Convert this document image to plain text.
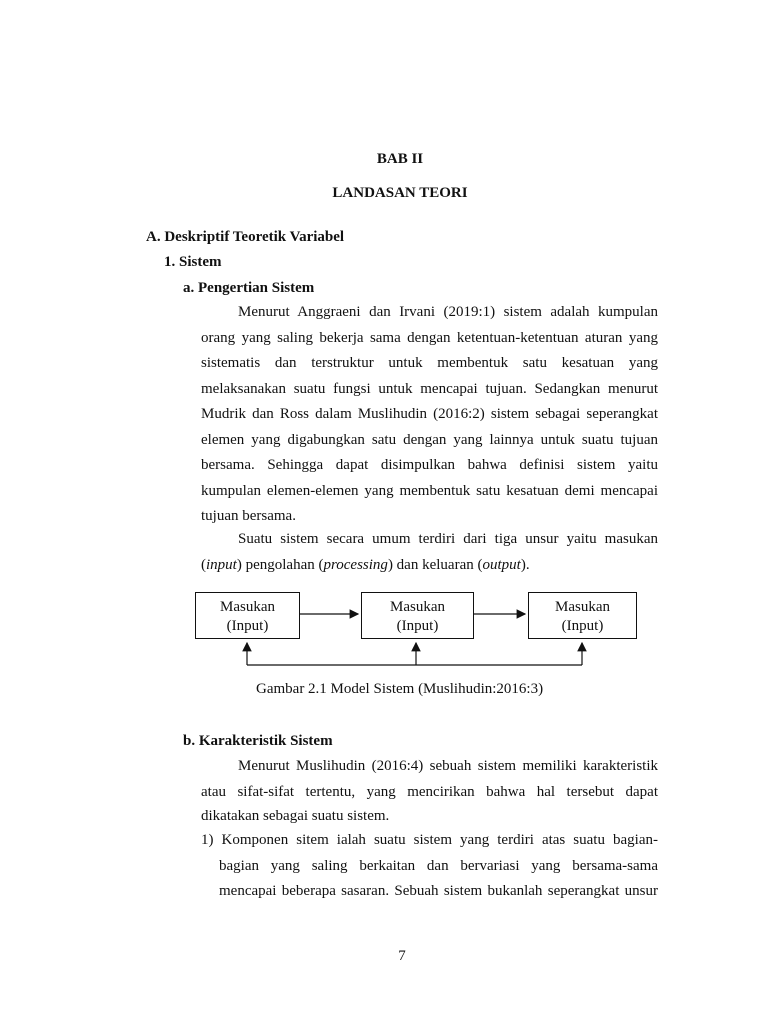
BAB II
LANDASAN TEORI
A. Deskriptif Teoretik Variabel
1. Sistem
a. Pengertian Sistem
Menurut Anggraeni dan Irvani (2019:1) sistem adalah kumpulan
orang yang saling bekerja sama dengan ketentuan-ketentuan aturan yang
sistematis dan terstruktur untuk membentuk satu kesatuan yang
melaksanakan suatu fungsi untuk mencapai tujuan. Sedangkan menurut
Mudrik dan Ross dalam Muslihudin (2016:2) sistem sebagai seperangkat
elemen yang digabungkan satu dengan yang lainnya untuk suatu tujuan
bersama. Sehingga dapat disimpulkan bahwa definisi sistem yaitu
kumpulan elemen-elemen yang membentuk satu kesatuan demi mencapai
tujuan bersama.
Suatu sistem secara umum terdiri dari tiga unsur yaitu masukan
(input) pengolahan (processing) dan keluaran (output).
Masukan
(Input)
Masukan
(Input)
Masukan
(Input)
Gambar 2.1 Model Sistem (Muslihudin:2016:3)
b. Karakteristik Sistem
Menurut Muslihudin (2016:4) sebuah sistem memiliki karakteristik
atau sifat-sifat tertentu, yang mencirikan bahwa hal tersebut dapat
dikatakan sebagai suatu sistem.
1) Komponen sitem ialah suatu sistem yang terdiri atas suatu bagian-
bagian yang saling berkaitan dan bervariasi yang bersama-sama
mencapai beberapa sasaran. Sebuah sistem bukanlah seperangkat unsur
7
